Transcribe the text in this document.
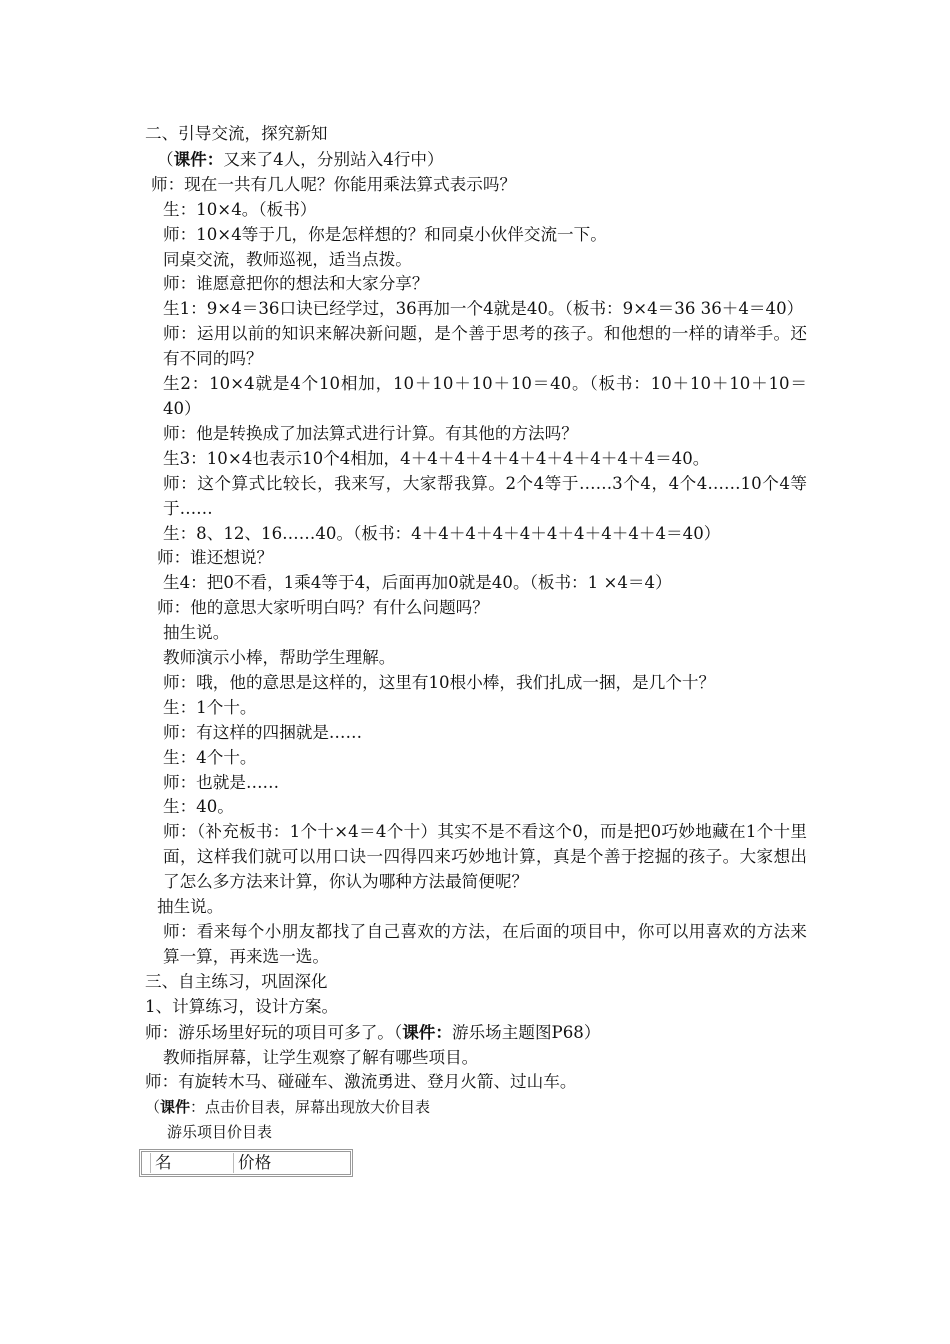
二、引导交流，探究新知

（课件：又来了4人，分别站入4行中）

师：现在一共有几人呢？你能用乘法算式表示吗？

生：10×4。（板书）

师：10×4等于几，你是怎样想的？和同桌小伙伴交流一下。

同桌交流，教师巡视，适当点拨。

师：谁愿意把你的想法和大家分享？

生1：9×4＝36口诀已经学过，36再加一个4就是40。（板书：9×4＝36 36＋4＝40）

师：运用以前的知识来解决新问题，是个善于思考的孩子。和他想的一样的请举手。还有不同的吗？

生2：10×4就是4个10相加，10＋10＋10＋10＝40。（板书：10＋10＋10＋10＝40）

师：他是转换成了加法算式进行计算。有其他的方法吗？

生3：10×4也表示10个4相加，4＋4＋4＋4＋4＋4＋4＋4＋4＋4＝40。

师：这个算式比较长，我来写，大家帮我算。2个4等于……3个4，4个4……10个4等于……

生：8、12、16……40。（板书：4＋4＋4＋4＋4＋4＋4＋4＋4＋4＝40）

师：谁还想说？

生4：把0不看，1乘4等于4，后面再加0就是40。（板书：1 ×4＝4）

师：他的意思大家听明白吗？有什么问题吗？

抽生说。

教师演示小棒，帮助学生理解。

师：哦，他的意思是这样的，这里有10根小棒，我们扎成一捆，是几个十？

生：1个十。

师：有这样的四捆就是……

生：4个十。

师：也就是……

生：40。

师：（补充板书：1个十×4＝4个十）其实不是不看这个0，而是把0巧妙地藏在1个十里面，这样我们就可以用口诀一四得四来巧妙地计算，真是个善于挖掘的孩子。大家想出了怎么多方法来计算，你认为哪种方法最简便呢？

抽生说。

师：看来每个小朋友都找了自己喜欢的方法，在后面的项目中，你可以用喜欢的方法来算一算，再来选一选。

三、自主练习，巩固深化

1、计算练习，设计方案。

师：游乐场里好玩的项目可多了。（课件：游乐场主题图P68）

教师指屏幕，让学生观察了解有哪些项目。

师：有旋转木马、碰碰车、激流勇进、登月火箭、过山车。

（课件：点击价目表，屏幕出现放大价目表

游乐项目价目表

名	价格
